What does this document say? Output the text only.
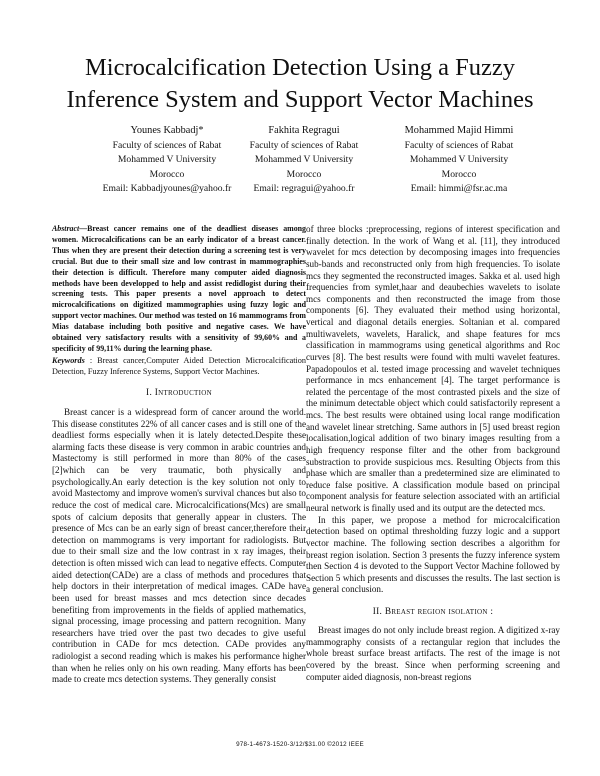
Microcalcification Detection Using a Fuzzy Inference System and Support Vector Machines
Younes Kabbadj*
Faculty of sciences of Rabat
Mohammed V University
Morocco
Email: Kabbadjyounes@yahoo.fr
Fakhita Regragui
Faculty of sciences of Rabat
Mohammed V University
Morocco
Email: regragui@yahoo.fr
Mohammed Majid Himmi
Faculty of sciences of Rabat
Mohammed V University
Morocco
Email: himmi@fsr.ac.ma

Abstract—Breast cancer remains one of the deadliest diseases among women. Microcalcifications can be an early indicator of a breast cancer. Thus when they are present their detection during a screening test is very crucial. But due to their small size and low contrast in mammographies their detection is difficult. Therefore many computer aided diagnosis methods have been developped to help and assist redidlogist during their screening tests. This paper presents a novel approach to detect microcalcifications on digitized mammographies using fuzzy logic and support vector machines. Our method was tested on 16 mammograms from Mias database including both positive and negative cases. We have obtained very satisfactory results with a sensitivity of 99,60% and a specificity of 99,11% during the learning phase.

Keywords : Breast cancer,Computer Aided Detection Microcalcification Detection, Fuzzy Inference Systems, Support Vector Machines.

I. Introduction

Breast cancer is a widespread form of cancer around the world. This disease constitutes 22% of all cancer cases and is still one of the deadliest forms especially when it is lately detected.Despite these alarming facts these disease is very common in arabic countries and Mastectomy is still performed in more than 80% of the cases [2]which can be very traumatic, both physically and psychologically.An early detection is the key solution not only to avoid Mastectomy and improve women's survival chances but also to reduce the cost of medical care. Microcalcifications(Mcs) are small spots of calcium deposits that generally appear in clusters. The presence of Mcs can be an early sign of breast cancer,therefore their detection on mammograms is very important for radiologists. But due to their small size and the low contrast in x ray images, their detection is often missed wich can lead to negative effects. Computer aided detection(CADe) are a class of methods and procedures that help doctors in their interpretation of medical images. CADe have been used for breast masses and mcs detection since decades benefiting from improvements in the fields of applied mathematics, signal processing, image processing and pattern recognition. Many researchers have tried over the past two decades to give useful contribution in CADe for mcs detection. CADe provides any radiologist a second reading which is makes his performance higher than when he relies only on his own reading. Many efforts has been made to create mcs detection systems. They generally consist

of three blocks :preprocessing, regions of interest specification and finally detection. In the work of Wang et al. [11], they introduced wavelet for mcs detection by decomposing images into frequencies sub-bands and reconstructed only from high frequencies. To isolate mcs they segmented the reconstructed images. Sakka et al. used high frequencies from symlet,haar and deaubechies wavelets to isolate mcs components and then reconstructed the image from those components [6]. They evaluated their method using horizontal, vertical and diagonal details energies. Soltanian et al. compared multiwavelets, wavelets, Haralick, and shape features for mcs classification in mammograms using genetical algorithms and Roc curves [8]. The best results were found with multi wavelet features. Papadopoulos et al. tested image processing and wavelet techniques performance in mcs enhancement [4]. The target performance is related the percentage of the most contrasted pixels and the size of the minimum detectable object which could satisfactorily represent a mcs. The best results were obtained using local range modification and wavelet linear stretching. Same authors in [5] used breast region localisation,logical addition of two binary images resulting from a high frequency response filter and the other from background substraction to provide suspicious mcs. Resulting Objects from this phase which are smaller than a predetermined size are eliminated to reduce false positive. A classification module based on principal component analysis for feature selection associated with an artificial neural network is finally used and its output are the detected mcs.

In this paper, we propose a method for microcalcification detection based on optimal thresholding fuzzy logic and a support vector machine. The following section describes a algorithm for breast region isolation. Section 3 presents the fuzzy inference system then Section 4 is devoted to the Support Vector Machine followed by Section 5 which presents and discusses the results. The last section is a general conclusion.

II. Breast region isolation :

Breast images do not only include breast region. A digitized x-ray mammography consists of a rectangular region that includes the whole breast surface breast artifacts. The rest of the image is not covered by the breast. Since when performing screening and computer aided diagnosis, non-breast regions

978-1-4673-1520-3/12/$31.00 ©2012 IEEE
